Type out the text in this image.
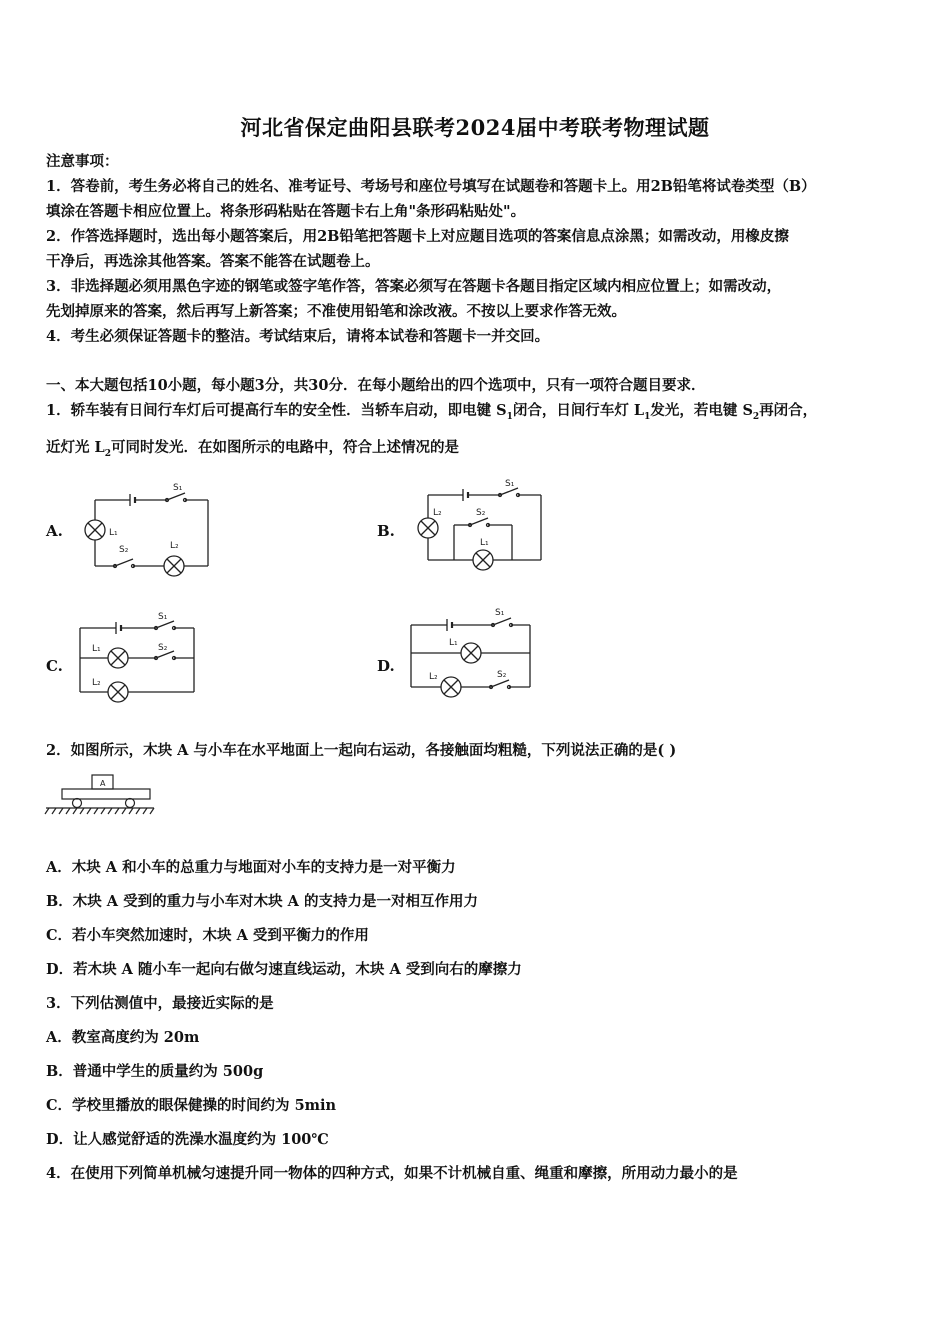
河北省保定曲阳县联考2024届中考联考物理试题
注意事项：
1．答卷前，考生务必将自己的姓名、准考证号、考场号和座位号填写在试题卷和答题卡上。用2B铅笔将试卷类型（B）
填涂在答题卡相应位置上。将条形码粘贴在答题卡右上角"条形码粘贴处"。
2．作答选择题时，选出每小题答案后，用2B铅笔把答题卡上对应题目选项的答案信息点涂黑；如需改动，用橡皮擦
干净后，再选涂其他答案。答案不能答在试题卷上。
3．非选择题必须用黑色字迹的钢笔或签字笔作答，答案必须写在答题卡各题目指定区域内相应位置上；如需改动，
先划掉原来的答案，然后再写上新答案；不准使用铅笔和涂改液。不按以上要求作答无效。
4．考生必须保证答题卡的整洁。考试结束后，请将本试卷和答题卡一并交回。
一、本大题包括10小题，每小题3分，共30分．在每小题给出的四个选项中，只有一项符合题目要求．
1．轿车装有日间行车灯后可提高行车的安全性．当轿车启动，即电键 $S_1$闭合，日间行车灯 $L_1$发光，若电键 $S_2$再闭合，
近灯光 $L_2$可同时发光．在如图所示的电路中，符合上述情况的是
A.	B.
C.	D.
S₁
L₁
S₂	L₂
S₁
L₂	S₂
L₁
S₁
L₁	S₂
L₂
S₁
L₁
L₂	S₂
2．如图所示，木块 A 与小车在水平地面上一起向右运动，各接触面均粗糙，下列说法正确的是( )
A
A．木块 A 和小车的总重力与地面对小车的支持力是一对平衡力
B．木块 A 受到的重力与小车对木块 A 的支持力是一对相互作用力
C．若小车突然加速时，木块 A 受到平衡力的作用
D．若木块 A 随小车一起向右做匀速直线运动，木块 A 受到向右的摩擦力
3．下列估测值中，最接近实际的是
A．教室高度约为 20m
B．普通中学生的质量约为 500g
C．学校里播放的眼保健操的时间约为 5min
D．让人感觉舒适的洗澡水温度约为 100℃
4．在使用下列简单机械匀速提升同一物体的四种方式，如果不计机械自重、绳重和摩擦，所用动力最小的是
